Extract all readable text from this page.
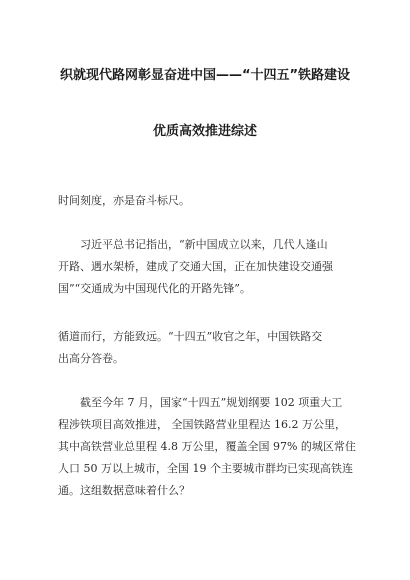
织就现代路网彰显奋进中国——“十四五”铁路建设
优质高效推进综述
时间刻度，亦是奋斗标尺。
习近平总书记指出，“新中国成立以来，几代人逢山
开路、遇水架桥，建成了交通大国，正在加快建设交通强
国”“交通成为中国现代化的开路先锋”。
循道而行，方能致远。“十四五”收官之年，中国铁路交
出高分答卷。
截至今年 7 月，国家“十四五”规划纲要 102 项重大工
程涉铁项目高效推进， 全国铁路营业里程达 16.2 万公里，
其中高铁营业总里程 4.8 万公里，覆盖全国 97% 的城区常住
人口 50 万以上城市，全国 19 个主要城市群均已实现高铁连
通。这组数据意味着什么？
